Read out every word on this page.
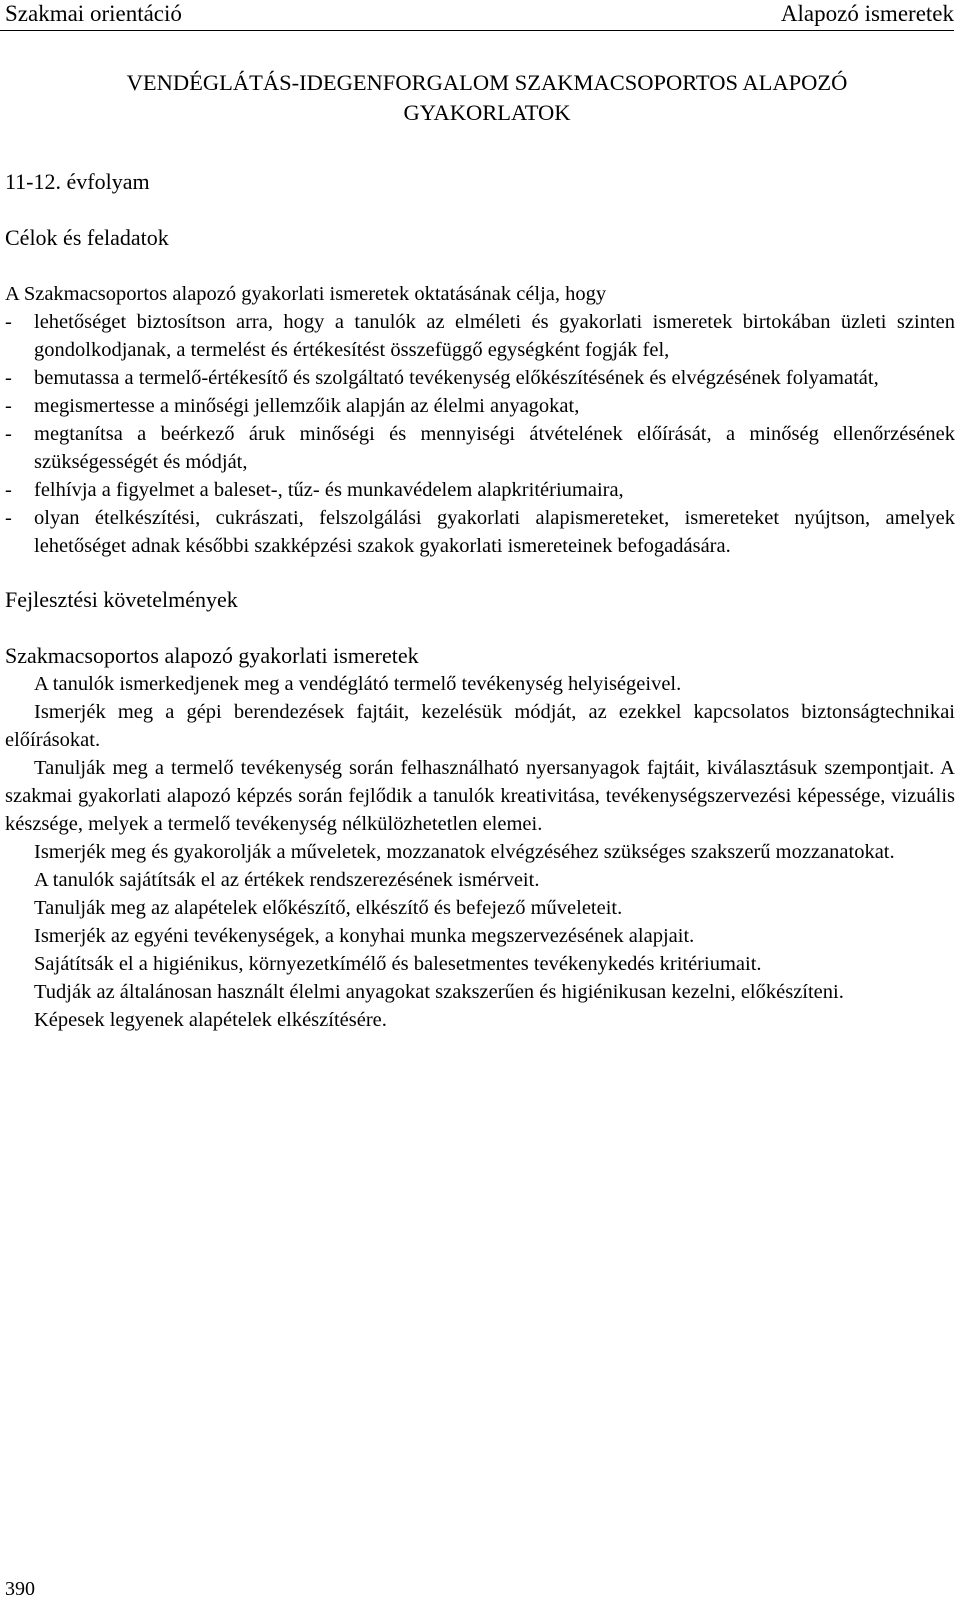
Szakmai orientáció	Alapozó ismeretek
VENDÉGLÁTÁS-IDEGENFORGALOM SZAKMACSOPORTOS ALAPOZÓ
GYAKORLATOK
11-12. évfolyam
Célok és feladatok
A Szakmacsoportos alapozó gyakorlati ismeretek oktatásának célja, hogy
- lehetőséget biztosítson arra, hogy a tanulók az elméleti és gyakorlati ismeretek birtokában üzleti szinten gondolkodjanak, a termelést és értékesítést összefüggő egységként fogják fel,
- bemutassa a termelő-értékesítő és szolgáltató tevékenység előkészítésének és elvégzésének folyamatát,
- megismertesse a minőségi jellemzőik alapján az élelmi anyagokat,
- megtanítsa a beérkező áruk minőségi és mennyiségi átvételének előírását, a minőség ellenőrzésének szükségességét és módját,
- felhívja a figyelmet a baleset-, tűz- és munkavédelem alapkritériumaira,
- olyan ételkészítési, cukrászati, felszolgálási gyakorlati alapismereteket, ismereteket nyújtson, amelyek lehetőséget adnak későbbi szakképzési szakok gyakorlati ismereteinek befogadására.
Fejlesztési követelmények
Szakmacsoportos alapozó gyakorlati ismeretek

A tanulók ismerkedjenek meg a vendéglátó termelő tevékenység helyiségeivel.

Ismerjék meg a gépi berendezések fajtáit, kezelésük módját, az ezekkel kapcsolatos biztonságtechnikai előírásokat.

Tanulják meg a termelő tevékenység során felhasználható nyersanyagok fajtáit, kiválasztásuk szempontjait. A szakmai gyakorlati alapozó képzés során fejlődik a tanulók kreativitása, tevékenységszervezési képessége, vizuális készsége, melyek a termelő tevékenység nélkülözhetetlen elemei.

Ismerjék meg és gyakorolják a műveletek, mozzanatok elvégzéséhez szükséges szakszerű mozzanatokat.

A tanulók sajátítsák el az értékek rendszerezésének ismérveit.

Tanulják meg az alapételek előkészítő, elkészítő és befejező műveleteit.

Ismerjék az egyéni tevékenységek, a konyhai munka megszervezésének alapjait.

Sajátítsák el a higiénikus, környezetkímélő és balesetmentes tevékenykedés kritériumait.

Tudják az általánosan használt élelmi anyagokat szakszerűen és higiénikusan kezelni, előkészíteni.

Képesek legyenek alapételek elkészítésére.

390
